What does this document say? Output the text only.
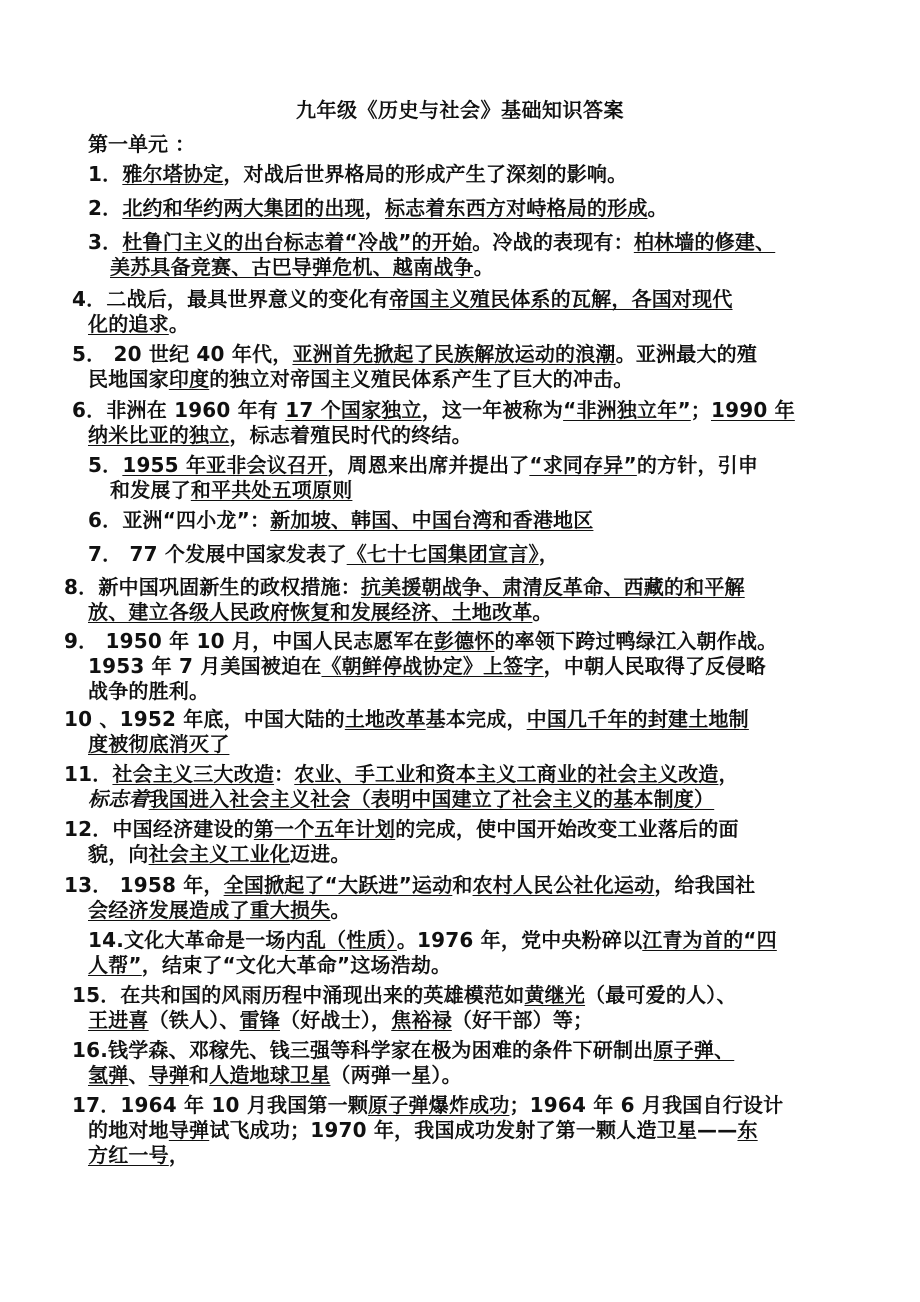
九年级《历史与社会》基础知识答案
第一单元 ：
1．雅尔塔协定，对战后世界格局的形成产生了深刻的影响。
2．北约和华约两大集团的出现，标志着东西方对峙格局的形成。
3．杜鲁门主义的出台标志着“冷战”的开始。冷战的表现有：柏林墙的修建、
美苏具备竞赛、古巴导弹危机、越南战争。
4．二战后，最具世界意义的变化有帝国主义殖民体系的瓦解，各国对现代
化的追求。
5． 20 世纪 40 年代，亚洲首先掀起了民族解放运动的浪潮。亚洲最大的殖
民地国家印度的独立对帝国主义殖民体系产生了巨大的冲击。
6．非洲在 1960 年有 17 个国家独立，这一年被称为“非洲独立年”；1990 年
纳米比亚的独立，标志着殖民时代的终结。
5．1955 年亚非会议召开，周恩来出席并提出了“求同存异”的方针，引申
和发展了和平共处五项原则
6．亚洲“四小龙”：新加坡、韩国、中国台湾和香港地区
7． 77 个发展中国家发表了《七十七国集团宣言》，
8．新中国巩固新生的政权措施：抗美援朝战争、肃清反革命、西藏的和平解
放、建立各级人民政府恢复和发展经济、土地改革。
9． 1950 年 10 月，中国人民志愿军在彭德怀的率领下跨过鸭绿江入朝作战。
1953 年 7 月美国被迫在《朝鲜停战协定》上签字，中朝人民取得了反侵略
战争的胜利。
10 、1952 年底，中国大陆的土地改革基本完成，中国几千年的封建土地制
度被彻底消灭了
11．社会主义三大改造：农业、手工业和资本主义工商业的社会主义改造，
标志着我国进入社会主义社会（表明中国建立了社会主义的基本制度）
12．中国经济建设的第一个五年计划的完成，使中国开始改变工业落后的面
貌，向社会主义工业化迈进。
13． 1958 年，全国掀起了“大跃进”运动和农村人民公社化运动，给我国社
会经济发展造成了重大损失。
14.文化大革命是一场内乱（性质）。1976 年，党中央粉碎以江青为首的“四
人帮”，结束了“文化大革命”这场浩劫。
15．在共和国的风雨历程中涌现出来的英雄模范如黄继光（最可爱的人）、
王进喜（铁人）、雷锋（好战士），焦裕禄（好干部）等；
16.钱学森、邓稼先、钱三强等科学家在极为困难的条件下研制出原子弹、
氢弹、导弹和人造地球卫星（两弹一星）。
17．1964 年 10 月我国第一颗原子弹爆炸成功；1964 年 6 月我国自行设计
的地对地导弹试飞成功；1970 年，我国成功发射了第一颗人造卫星——东
方红一号，
